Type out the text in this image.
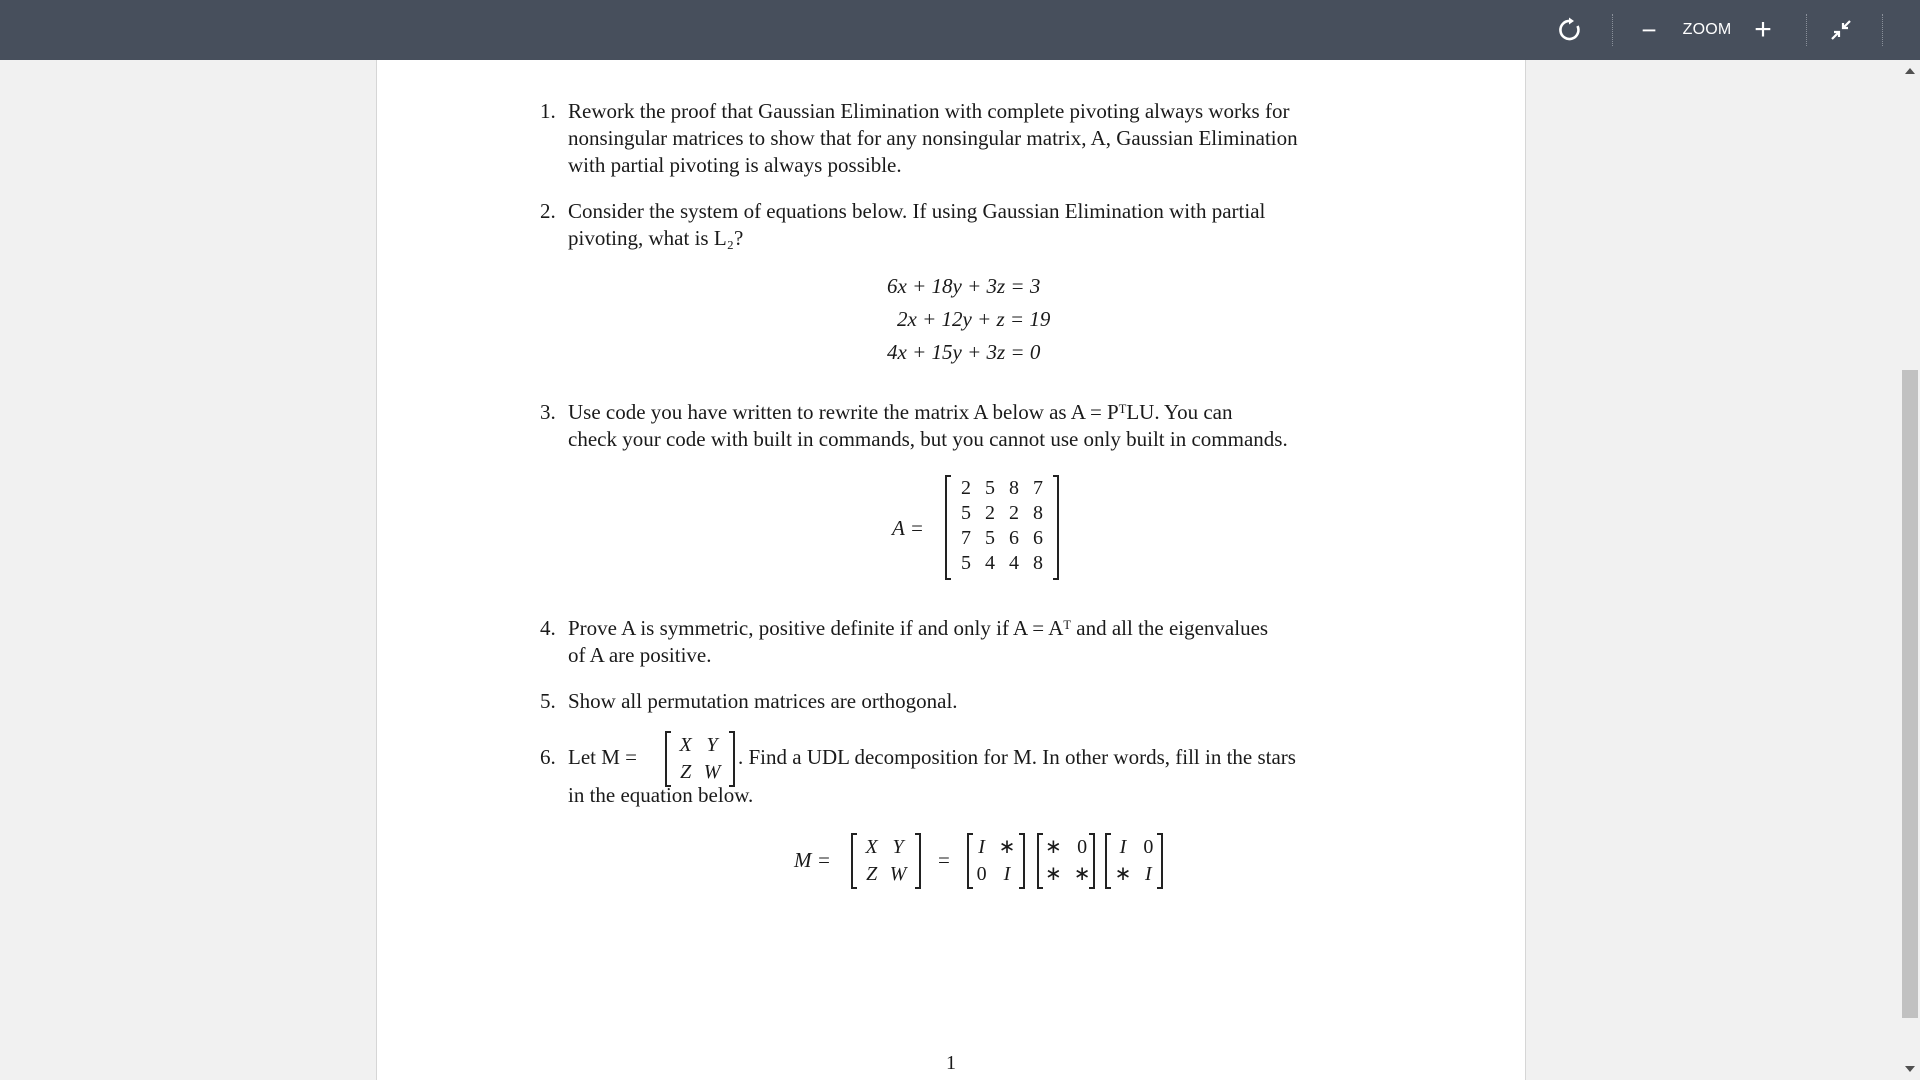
−	ZOOM +
1. Rework the proof that Gaussian Elimination with complete pivoting always works for
nonsingular matrices to show that for any nonsingular matrix, A, Gaussian Elimination
with partial pivoting is always possible.
2. Consider the system of equations below. If using Gaussian Elimination with partial
pivoting, what is L₂?
6x + 18y + 3z = 3
2x + 12y + z = 19
4x + 15y + 3z = 0
3. Use code you have written to rewrite the matrix A below as A = PᵀLU. You can
check your code with built in commands, but you cannot use only built in commands.
A =
2	5	8	7
5	2	2	8
7	5	6	6
5	4	4	8
4. Prove A is symmetric, positive definite if and only if A = Aᵀ and all the eigenvalues
of A are positive.
5. Show all permutation matrices are orthogonal.
6. Let M =	. Find a UDL decomposition for M. In other words, fill in the stars
in the equation below.
X	Y
Z	W
M =
X	Y
Z	W
=
I	∗
0	I
∗	0
∗	∗
I	0
∗	I
1
